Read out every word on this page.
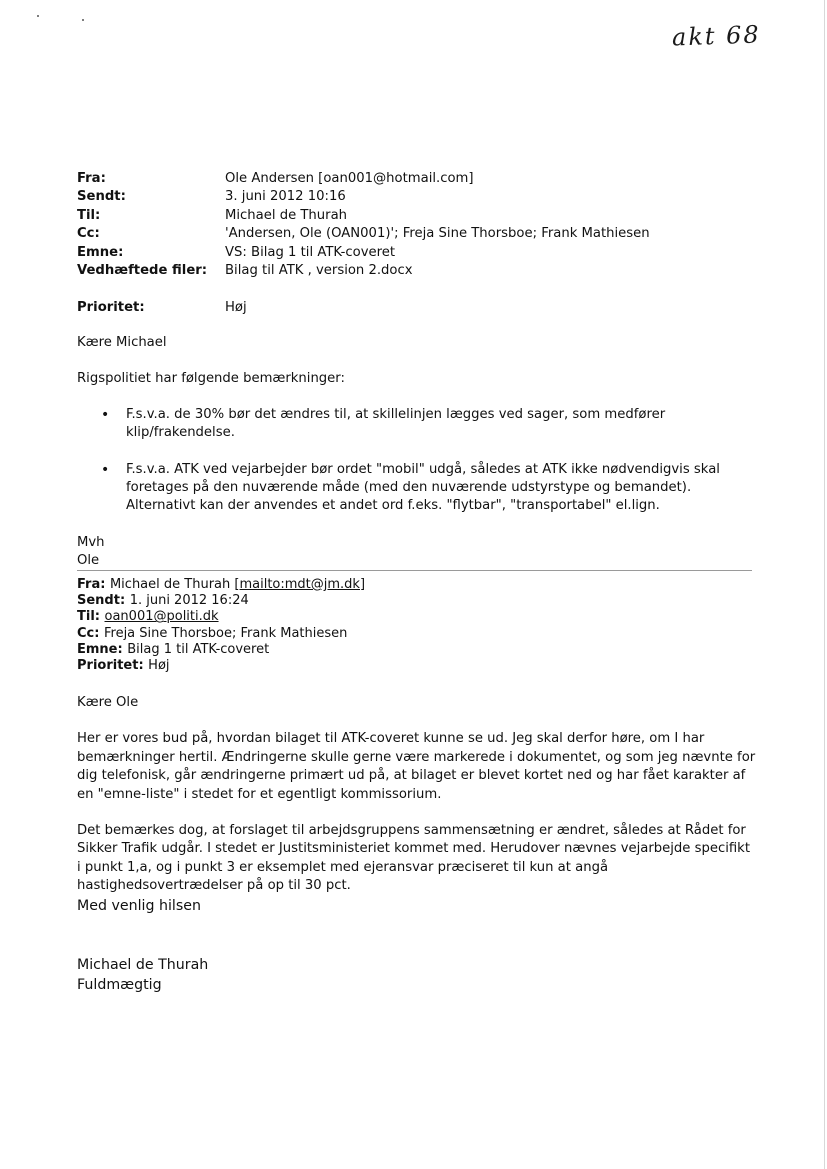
akt 68
Fra:	Ole Andersen [oan001@hotmail.com]
Sendt:	3. juni 2012 10:16
Til:	Michael de Thurah
Cc:	'Andersen, Ole (OAN001)'; Freja Sine Thorsboe; Frank Mathiesen
Emne:	VS: Bilag 1 til ATK-coveret
Vedhæftede filer:	Bilag til ATK , version 2.docx
Prioritet:	Høj

Kære Michael

Rigspolitiet har følgende bemærkninger:

• F.s.v.a. de 30% bør det ændres til, at skillelinjen lægges ved sager, som medfører klip/frakendelse.
• F.s.v.a. ATK ved vejarbejder bør ordet "mobil" udgå, således at ATK ikke nødvendigvis skal foretages på den nuværende måde (med den nuværende udstyrstype og bemandet). Alternativt kan der anvendes et andet ord f.eks. "flytbar", "transportabel" el.lign.

Mvh

Ole

Fra: Michael de Thurah [mailto:mdt@jm.dk]
Sendt: 1. juni 2012 16:24
Til: oan001@politi.dk
Cc: Freja Sine Thorsboe; Frank Mathiesen
Emne: Bilag 1 til ATK-coveret
Prioritet: Høj

Kære Ole

Her er vores bud på, hvordan bilaget til ATK-coveret kunne se ud. Jeg skal derfor høre, om I har bemærkninger hertil. Ændringerne skulle gerne være markerede i dokumentet, og som jeg nævnte for dig telefonisk, går ændringerne primært ud på, at bilaget er blevet kortet ned og har fået karakter af en "emne-liste" i stedet for et egentligt kommissorium.

Det bemærkes dog, at forslaget til arbejdsgruppens sammensætning er ændret, således at Rådet for Sikker Trafik udgår. I stedet er Justitsministeriet kommet med. Herudover nævnes vejarbejde specifikt i punkt 1,a, og i punkt 3 er eksemplet med ejeransvar præciseret til kun at angå hastighedsovertrædelser på op til 30 pct.

Med venlig hilsen
Michael de Thurah
Fuldmægtig
